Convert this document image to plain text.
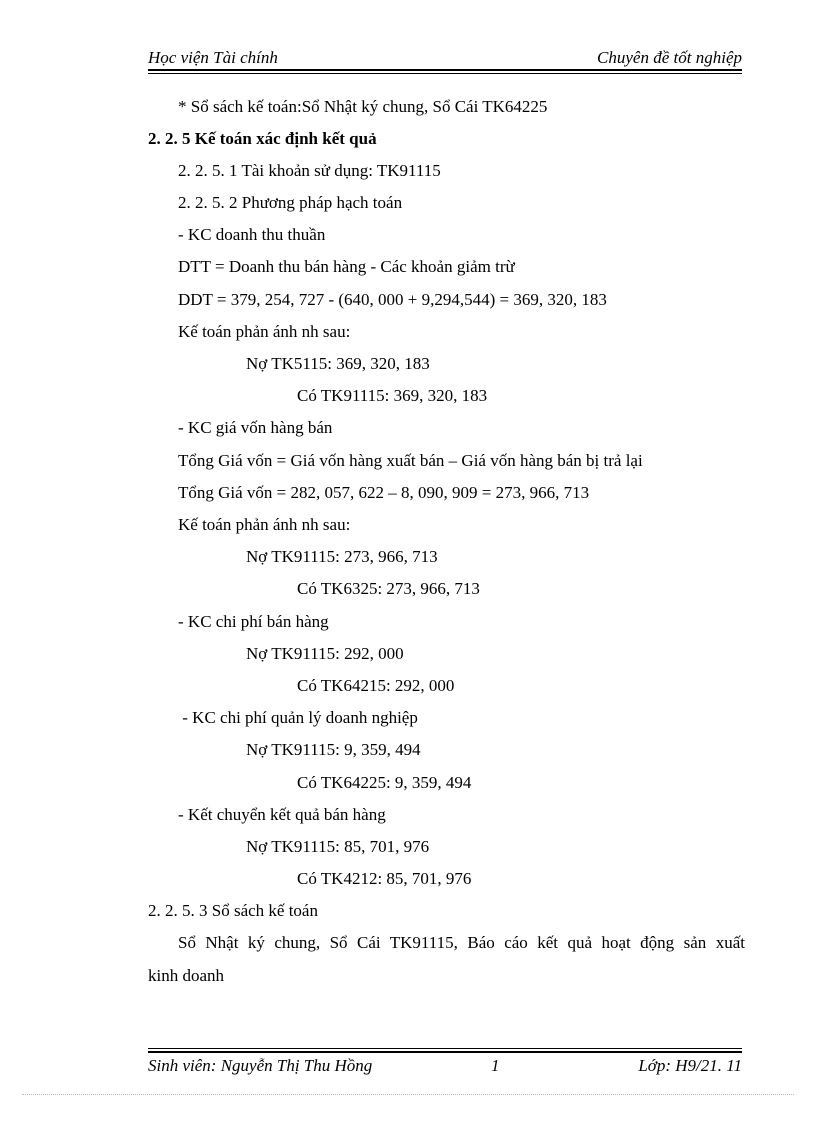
Học viện Tài chính	Chuyên đề tốt nghiệp
* Sổ sách kế toán:Sổ Nhật ký chung, Sổ Cái TK64225
2. 2. 5 Kế toán xác định kết quả
2. 2. 5. 1 Tài khoản sử dụng: TK91115
2. 2. 5. 2 Phương pháp hạch toán
- KC doanh thu thuần
DTT = Doanh thu bán hàng - Các khoản giảm trừ
DDT = 379, 254, 727 - (640, 000 + 9,294,544) = 369, 320, 183
Kế toán phản ánh nh sau:
Nợ TK5115: 369, 320, 183
Có TK91115: 369, 320, 183
- KC giá vốn hàng bán
Tổng Giá vốn = Giá vốn hàng xuất bán – Giá vốn hàng bán bị trả lại
Tổng Giá vốn = 282, 057, 622 – 8, 090, 909 = 273, 966, 713
Kế toán phản ánh nh sau:
Nợ TK91115: 273, 966, 713
Có TK6325: 273, 966, 713
- KC chi phí bán hàng
Nợ TK91115: 292, 000
Có TK64215: 292, 000
- KC chi phí quản lý doanh nghiệp
Nợ TK91115: 9, 359, 494
Có TK64225: 9, 359, 494
- Kết chuyển kết quả bán hàng
Nợ TK91115: 85, 701, 976
Có TK4212: 85, 701, 976
2. 2. 5. 3 Sổ sách kế toán
Sổ Nhật ký chung, Sổ Cái TK91115, Báo cáo kết quả hoạt động sản xuất
kinh doanh
Sinh viên: Nguyễn Thị Thu Hồng	1	Lớp: H9/21. 11
